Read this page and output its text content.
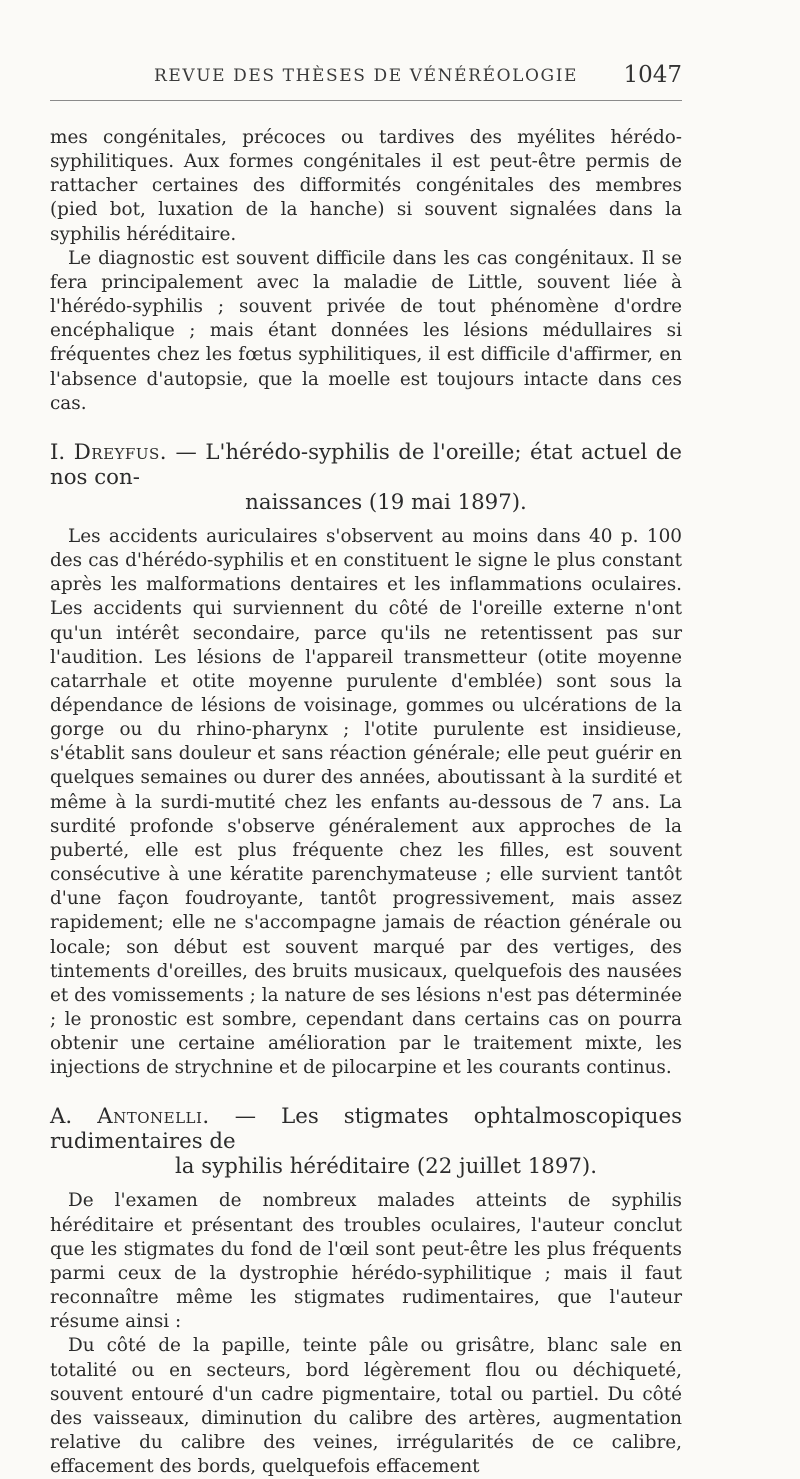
REVUE DES THÈSES DE VÉNÉRÉOLOGIE	1047

mes congénitales, précoces ou tardives des myélites hérédo-syphilitiques. Aux formes congénitales il est peut-être permis de rattacher certaines des difformités congénitales des membres (pied bot, luxation de la hanche) si souvent signalées dans la syphilis héréditaire.

Le diagnostic est souvent difficile dans les cas congénitaux. Il se fera principalement avec la maladie de Little, souvent liée à l'hérédo-syphilis ; souvent privée de tout phénomène d'ordre encéphalique ; mais étant données les lésions médullaires si fréquentes chez les fœtus syphilitiques, il est difficile d'affirmer, en l'absence d'autopsie, que la moelle est toujours intacte dans ces cas.

I. Dreyfus. — L'hérédo-syphilis de l'oreille; état actuel de nos con-
naissances (19 mai 1897).

Les accidents auriculaires s'observent au moins dans 40 p. 100 des cas d'hérédo-syphilis et en constituent le signe le plus constant après les malformations dentaires et les inflammations oculaires. Les accidents qui surviennent du côté de l'oreille externe n'ont qu'un intérêt secondaire, parce qu'ils ne retentissent pas sur l'audition. Les lésions de l'appareil transmetteur (otite moyenne catarrhale et otite moyenne purulente d'emblée) sont sous la dépendance de lésions de voisinage, gommes ou ulcérations de la gorge ou du rhino-pharynx ; l'otite purulente est insidieuse, s'établit sans douleur et sans réaction générale; elle peut guérir en quelques semaines ou durer des années, aboutissant à la surdité et même à la surdi-mutité chez les enfants au-dessous de 7 ans. La surdité profonde s'observe généralement aux approches de la puberté, elle est plus fréquente chez les filles, est souvent consécutive à une kératite parenchymateuse ; elle survient tantôt d'une façon foudroyante, tantôt progressivement, mais assez rapidement; elle ne s'accompagne jamais de réaction générale ou locale; son début est souvent marqué par des vertiges, des tintements d'oreilles, des bruits musicaux, quelquefois des nausées et des vomissements ; la nature de ses lésions n'est pas déterminée ; le pronostic est sombre, cependant dans certains cas on pourra obtenir une certaine amélioration par le traitement mixte, les injections de strychnine et de pilocarpine et les courants continus.

A. Antonelli. — Les stigmates ophtalmoscopiques rudimentaires de
la syphilis héréditaire (22 juillet 1897).

De l'examen de nombreux malades atteints de syphilis héréditaire et présentant des troubles oculaires, l'auteur conclut que les stigmates du fond de l'œil sont peut-être les plus fréquents parmi ceux de la dystrophie hérédo-syphilitique ; mais il faut reconnaître même les stigmates rudimentaires, que l'auteur résume ainsi :

Du côté de la papille, teinte pâle ou grisâtre, blanc sale en totalité ou en secteurs, bord légèrement flou ou déchiqueté, souvent entouré d'un cadre pigmentaire, total ou partiel. Du côté des vaisseaux, diminution du calibre des artères, augmentation relative du calibre des veines, irrégularités de ce calibre, effacement des bords, quelquefois effacement
